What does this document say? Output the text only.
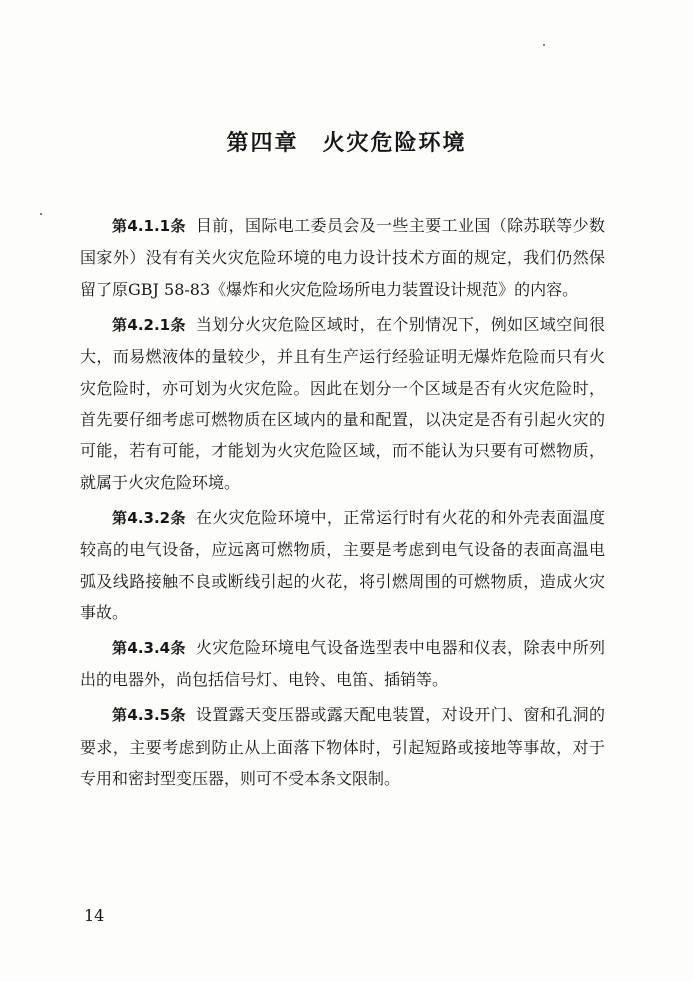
第四章　火灾危险环境

第4.1.1条 目前，国际电工委员会及一些主要工业国（除苏联等少数国家外）没有有关火灾危险环境的电力设计技术方面的规定，我们仍然保留了原GBJ 58-83《爆炸和火灾危险场所电力装置设计规范》的内容。

第4.2.1条 当划分火灾危险区域时，在个别情况下，例如区域空间很大，而易燃液体的量较少，并且有生产运行经验证明无爆炸危险而只有火灾危险时，亦可划为火灾危险。因此在划分一个区域是否有火灾危险时，首先要仔细考虑可燃物质在区域内的量和配置，以决定是否有引起火灾的可能，若有可能，才能划为火灾危险区域，而不能认为只要有可燃物质，就属于火灾危险环境。

第4.3.2条 在火灾危险环境中，正常运行时有火花的和外壳表面温度较高的电气设备，应远离可燃物质，主要是考虑到电气设备的表面高温电弧及线路接触不良或断线引起的火花，将引燃周围的可燃物质，造成火灾事故。

第4.3.4条 火灾危险环境电气设备选型表中电器和仪表，除表中所列出的电器外，尚包括信号灯、电铃、电笛、插销等。

第4.3.5条 设置露天变压器或露天配电装置，对设开门、窗和孔洞的要求，主要考虑到防止从上面落下物体时，引起短路或接地等事故，对于专用和密封型变压器，则可不受本条文限制。

14
